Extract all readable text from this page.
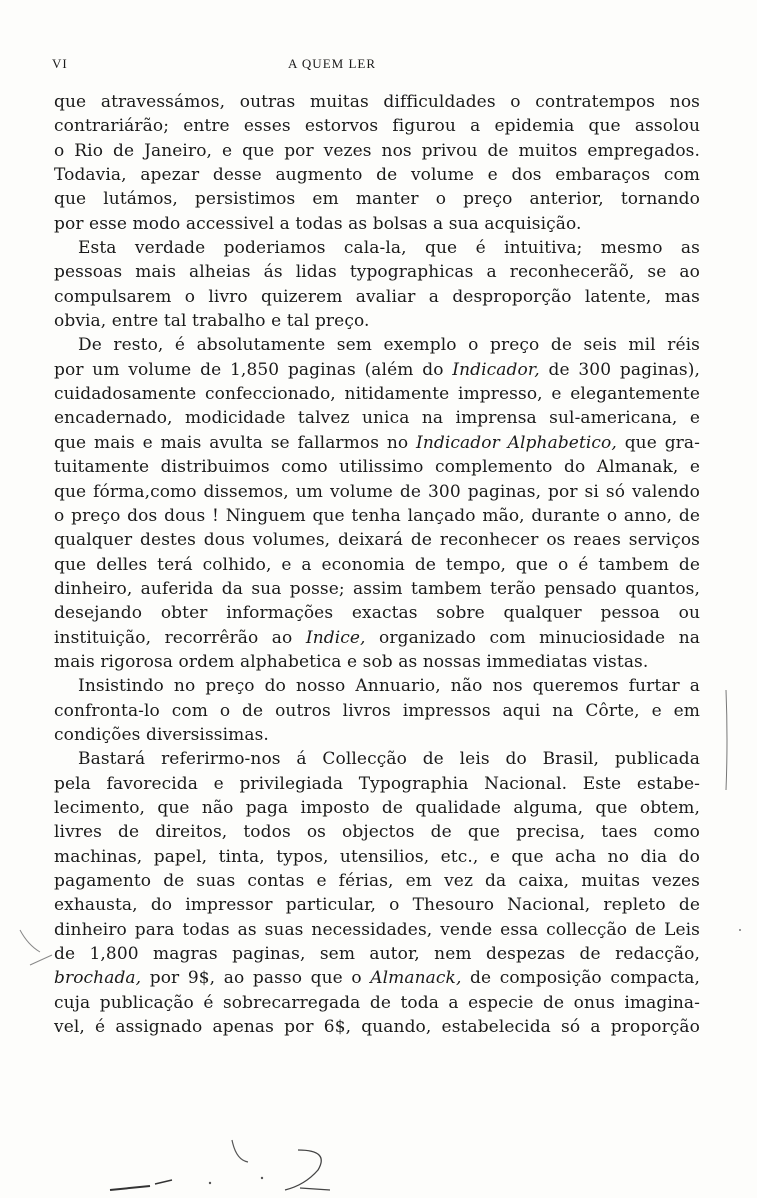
VI	A QUEM LER
que atravessámos, outras muitas difficuldades o contratempos nos
contrariárão; entre esses estorvos figurou a epidemia que assolou
o Rio de Janeiro, e que por vezes nos privou de muitos empregados.
Todavia, apezar desse augmento de volume e dos embaraços com
que lutámos, persistimos em manter o preço anterior, tornando
por esse modo accessivel a todas as bolsas a sua acquisição.
Esta verdade poderiamos cala-la, que é intuitiva; mesmo as
pessoas mais alheias ás lidas typographicas a reconhecerãõ, se ao
compulsarem o livro quizerem avaliar a desproporção latente, mas
obvia, entre tal trabalho e tal preço.
De resto, é absolutamente sem exemplo o preço de seis mil réis
por um volume de 1,850 paginas (além do Indicador, de 300 paginas),
cuidadosamente confeccionado, nitidamente impresso, e elegantemente
encadernado, modicidade talvez unica na imprensa sul-americana, e
que mais e mais avulta se fallarmos no Indicador Alphabetico, que gra-
tuitamente distribuimos como utilissimo complemento do Almanak, e
que fórma,como dissemos, um volume de 300 paginas, por si só valendo
o preço dos dous ! Ninguem que tenha lançado mão, durante o anno, de
qualquer destes dous volumes, deixará de reconhecer os reaes serviços
que delles terá colhido, e a economia de tempo, que o é tambem de
dinheiro, auferida da sua posse; assim tambem terão pensado quantos,
desejando obter informações exactas sobre qualquer pessoa ou
instituição, recorrêrão ao Indice, organizado com minuciosidade na
mais rigorosa ordem alphabetica e sob as nossas immediatas vistas.
Insistindo no preço do nosso Annuario, não nos queremos furtar a
confronta-lo com o de outros livros impressos aqui na Côrte, e em
condições diversissimas.
Bastará referirmo-nos á Collecção de leis do Brasil, publicada
pela favorecida e privilegiada Typographia Nacional. Este estabe-
lecimento, que não paga imposto de qualidade alguma, que obtem,
livres de direitos, todos os objectos de que precisa, taes como
machinas, papel, tinta, typos, utensilios, etc., e que acha no dia do
pagamento de suas contas e férias, em vez da caixa, muitas vezes
exhausta, do impressor particular, o Thesouro Nacional, repleto de
dinheiro para todas as suas necessidades, vende essa collecção de Leis
de 1,800 magras paginas, sem autor, nem despezas de redacção,
brochada, por 9$, ao passo que o Almanack, de composição compacta,
cuja publicação é sobrecarregada de toda a especie de onus imagina-
vel, é assignado apenas por 6$, quando, estabelecida só a proporção
